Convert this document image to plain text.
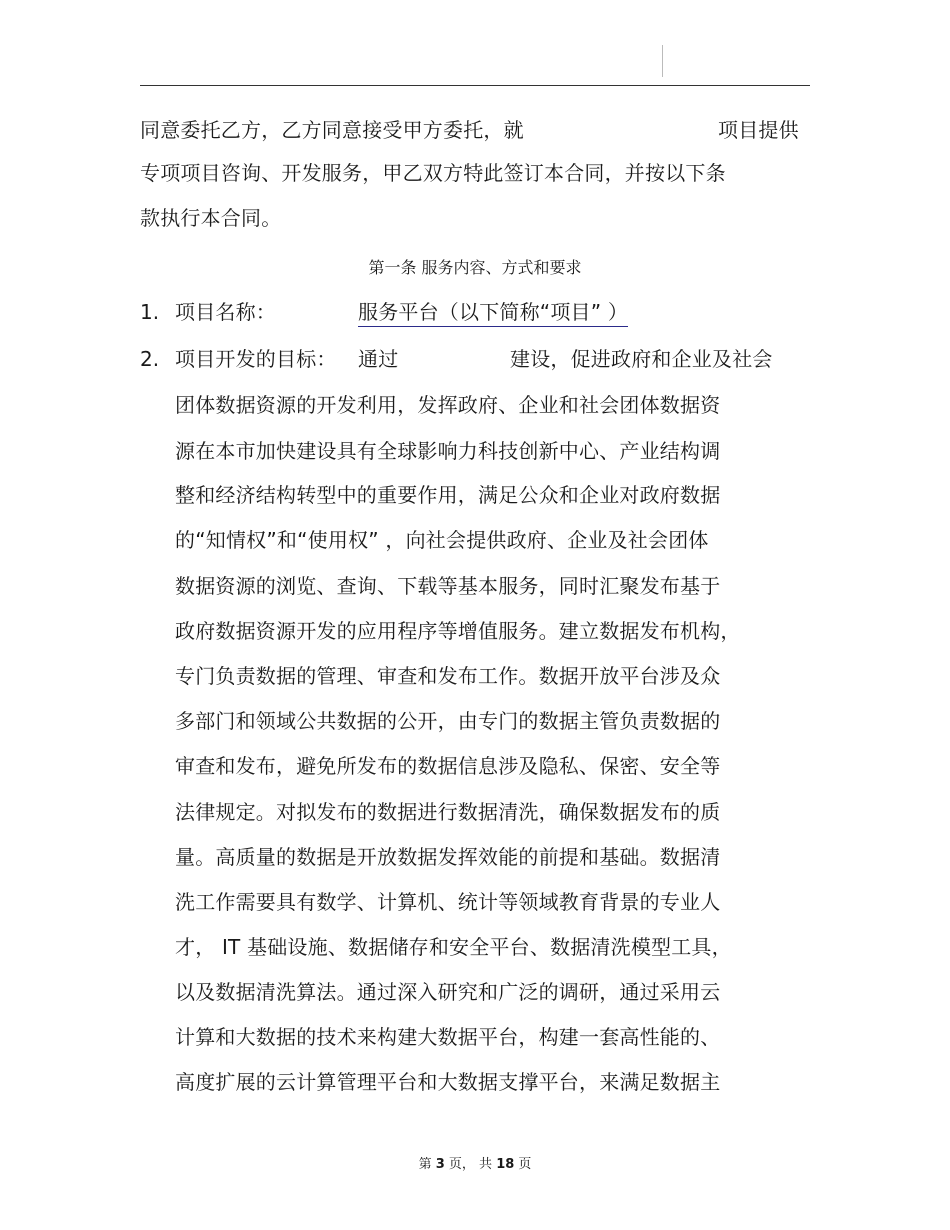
同意委托乙方，乙方同意接受甲方委托，就	项目提供
专项项目咨询、开发服务，甲乙双方特此签订本合同，并按以下条
款执行本合同。
第一条 服务内容、方式和要求
1. 项目名称：	服务平台（以下简称“项目” ）
2. 项目开发的目标： 通过	建设，促进政府和企业及社会
团体数据资源的开发利用，发挥政府、企业和社会团体数据资
源在本市加快建设具有全球影响力科技创新中心、产业结构调
整和经济结构转型中的重要作用，满足公众和企业对政府数据
的“知情权”和“使用权” ，向社会提供政府、企业及社会团体
数据资源的浏览、查询、下载等基本服务，同时汇聚发布基于
政府数据资源开发的应用程序等增值服务。建立数据发布机构，
专门负责数据的管理、审查和发布工作。数据开放平台涉及众
多部门和领域公共数据的公开，由专门的数据主管负责数据的
审查和发布，避免所发布的数据信息涉及隐私、保密、安全等
法律规定。对拟发布的数据进行数据清洗，确保数据发布的质
量。高质量的数据是开放数据发挥效能的前提和基础。数据清
洗工作需要具有数学、计算机、统计等领域教育背景的专业人
才， IT 基础设施、数据储存和安全平台、数据清洗模型工具，
以及数据清洗算法。通过深入研究和广泛的调研，通过采用云
计算和大数据的技术来构建大数据平台，构建一套高性能的、
高度扩展的云计算管理平台和大数据支撑平台，来满足数据主
第 3 页， 共 18 页
